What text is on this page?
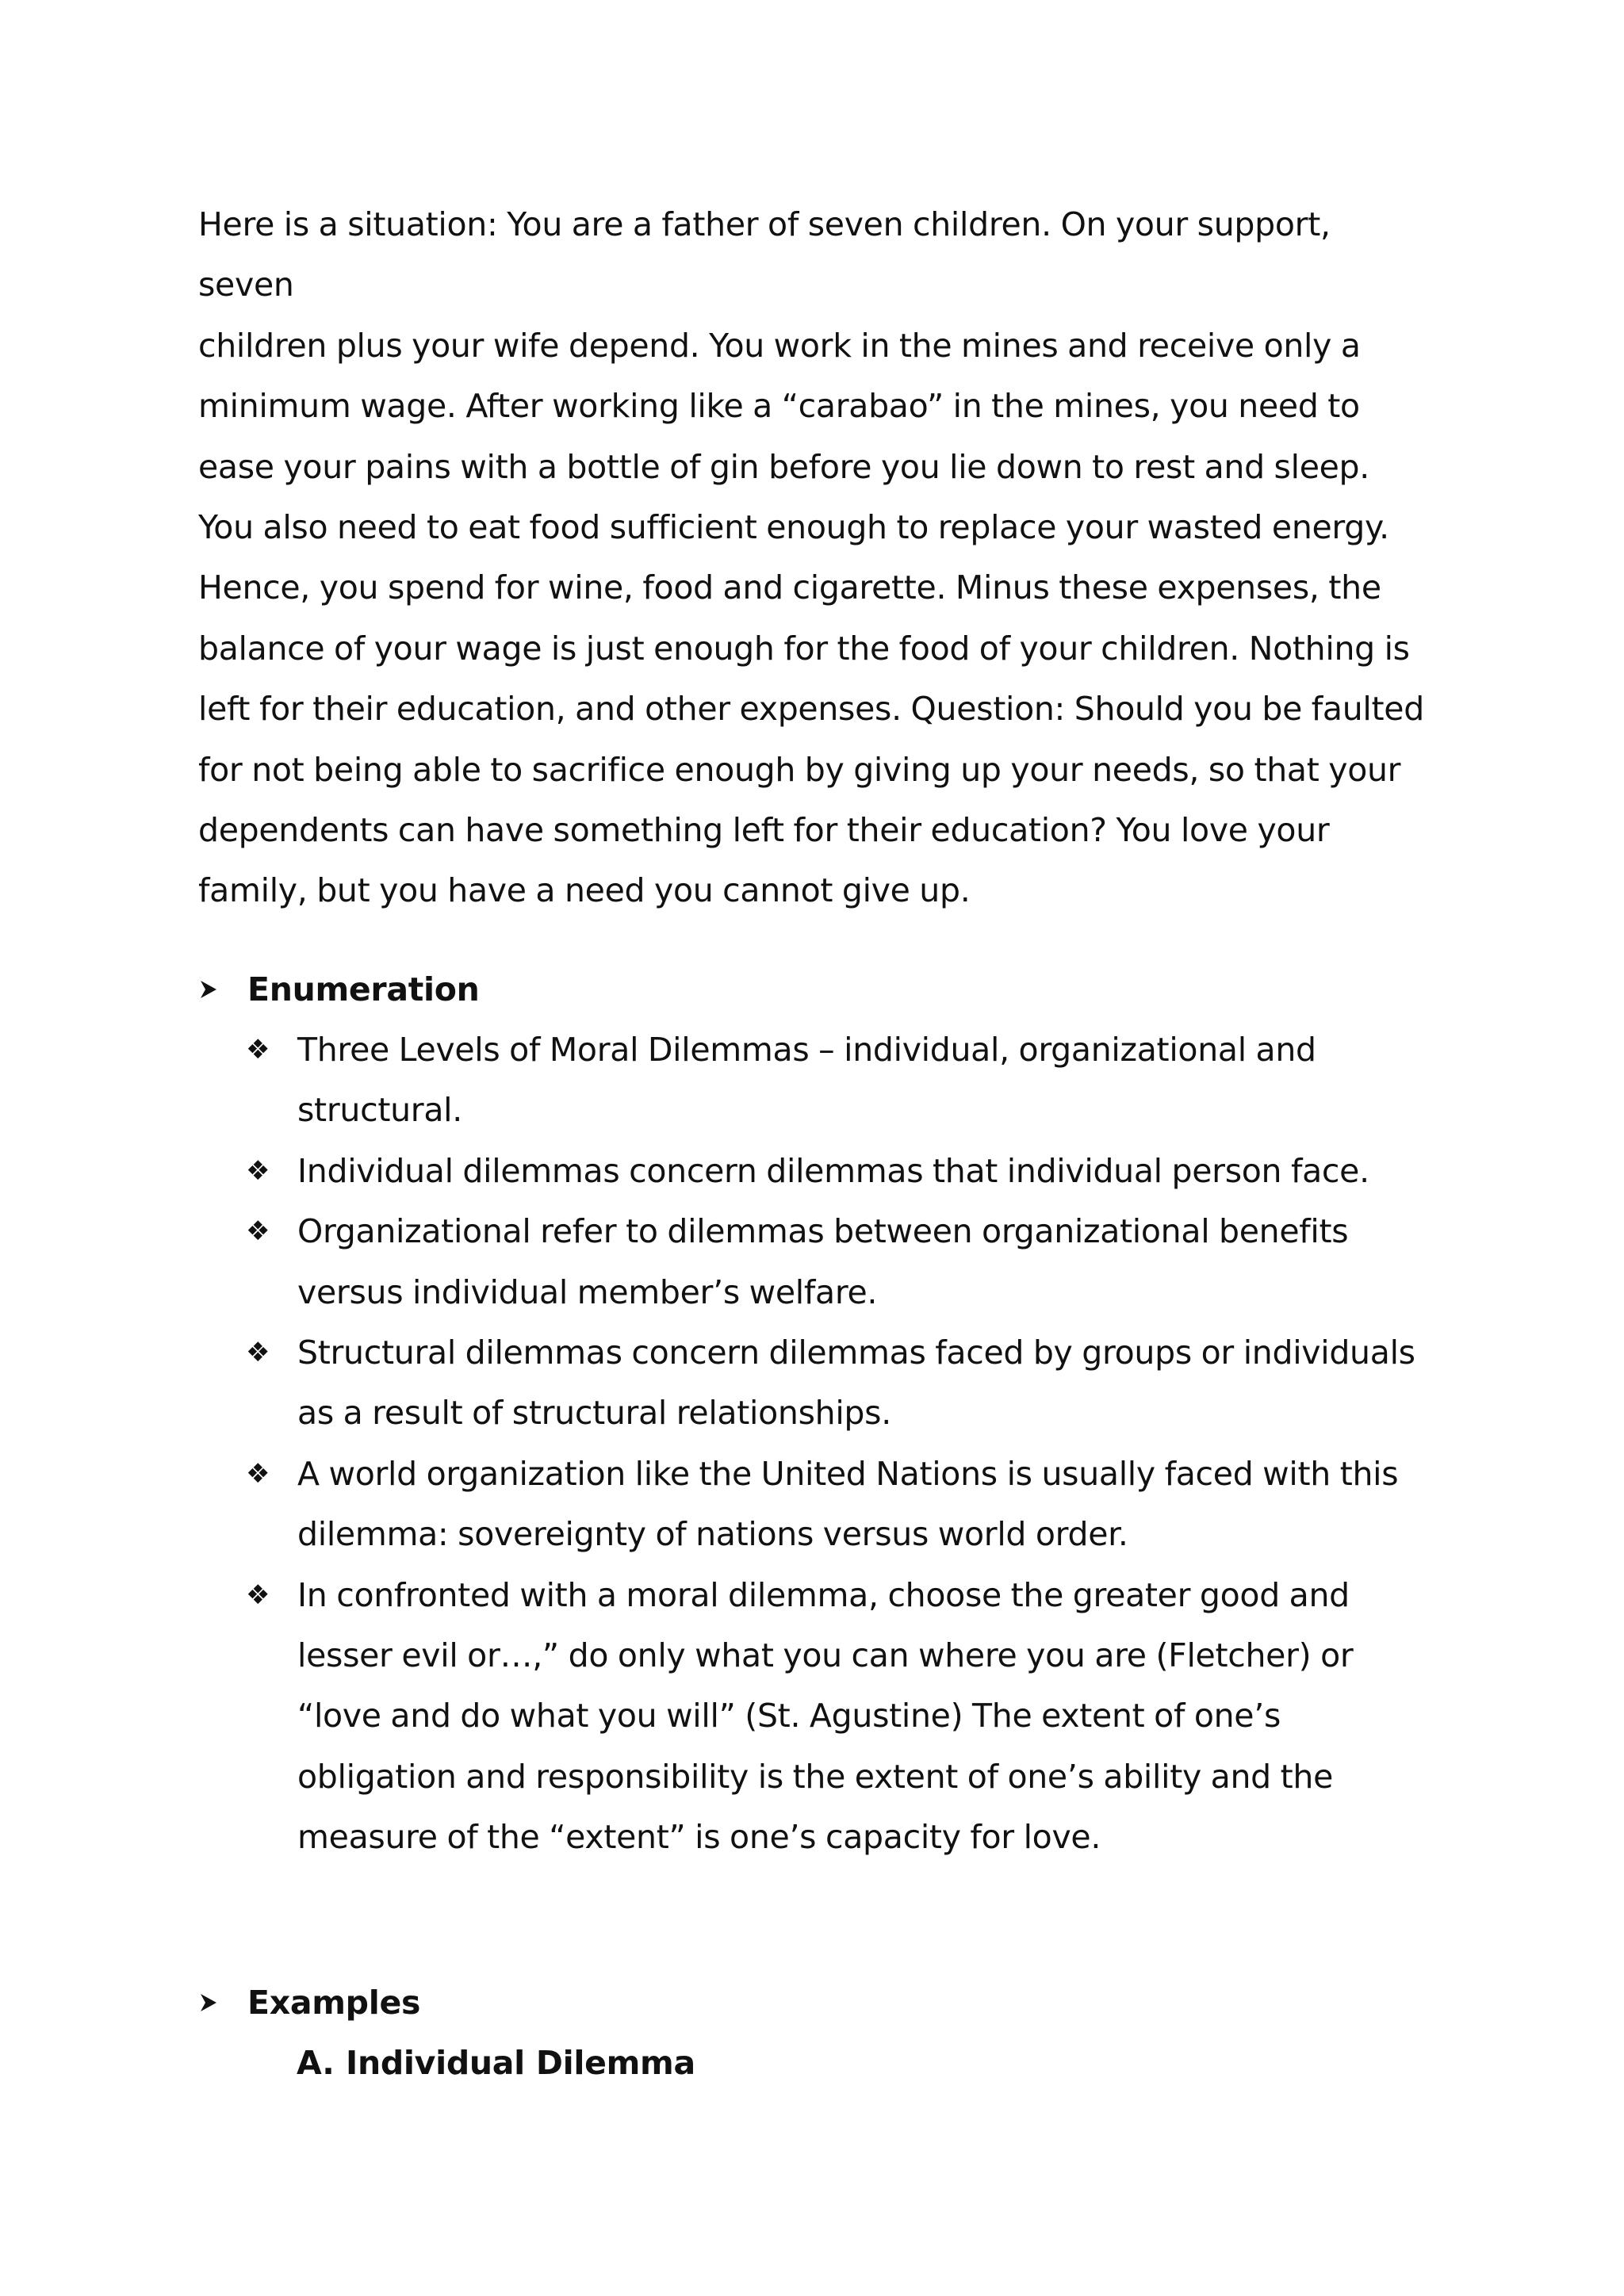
Here is a situation: You are a father of seven children. On your support, seven

children plus your wife depend. You work in the mines and receive only a

minimum wage. After working like a “carabao” in the mines, you need to

ease your pains with a bottle of gin before you lie down to rest and sleep.

You also need to eat food sufficient enough to replace your wasted energy.

Hence, you spend for wine, food and cigarette. Minus these expenses, the

balance of your wage is just enough for the food of your children. Nothing is

left for their education, and other expenses. Question: Should you be faulted

for not being able to sacrifice enough by giving up your needs, so that your

dependents can have something left for their education? You love your

family, but you have a need you cannot give up.

Enumeration
❖ Three Levels of Moral Dilemmas – individual, organizational and structural.
❖ Individual dilemmas concern dilemmas that individual person face.
❖ Organizational refer to dilemmas between organizational benefits versus individual member’s welfare.
❖ Structural dilemmas concern dilemmas faced by groups or individuals as a result of structural relationships.
❖ A world organization like the United Nations is usually faced with this dilemma: sovereignty of nations versus world order.
❖ In confronted with a moral dilemma, choose the greater good and lesser evil or…,” do only what you can where you are (Fletcher) or “love and do what you will” (St. Agustine) The extent of one’s obligation and responsibility is the extent of one’s ability and the measure of the “extent” is one’s capacity for love.
Examples
A. Individual Dilemma
